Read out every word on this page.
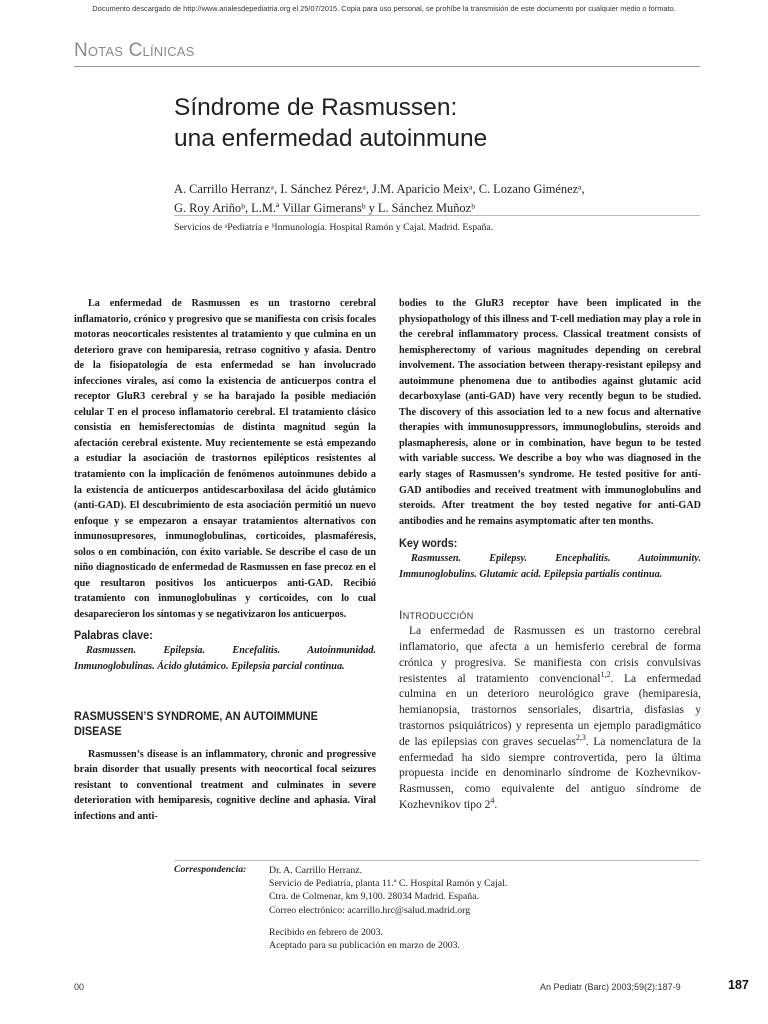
Documento descargado de http://www.analesdepediatria.org el 25/07/2015. Copia para uso personal, se prohíbe la transmisión de este documento por cualquier medio o formato.
Notas Clínicas
Síndrome de Rasmussen:
una enfermedad autoinmune
A. Carrillo Herranzᵃ, I. Sánchez Pérezᵃ, J.M. Aparicio Meixᵃ, C. Lozano Giménezᵃ,
G. Roy Ariñoᵇ, L.M.ª Villar Gimeransᵇ y L. Sánchez Muñozᵇ
Servicios de ᵃPediatría e ᵇInmunología. Hospital Ramón y Cajal. Madrid. España.

La enfermedad de Rasmussen es un trastorno cerebral inflamatorio, crónico y progresivo que se manifiesta con crisis focales motoras neocorticales resistentes al tratamiento y que culmina en un deterioro grave con hemiparesia, retraso cognitivo y afasia. Dentro de la fisiopatología de esta enfermedad se han involucrado infecciones virales, así como la existencia de anticuerpos contra el receptor GluR3 cerebral y se ha barajado la posible mediación celular T en el proceso inflamatorio cerebral. El tratamiento clásico consistía en hemisferectomías de distinta magnitud según la afectación cerebral existente. Muy recientemente se está empezando a estudiar la asociación de trastornos epilépticos resistentes al tratamiento con la implicación de fenómenos autoinmunes debido a la existencia de anticuerpos antidescarboxilasa del ácido glutámico (anti-GAD). El descubrimiento de esta asociación permitió un nuevo enfoque y se empezaron a ensayar tratamientos alternativos con inmunosupresores, inmunoglobulinas, corticoides, plasmaféresis, solos o en combinación, con éxito variable. Se describe el caso de un niño diagnosticado de enfermedad de Rasmussen en fase precoz en el que resultaron positivos los anticuerpos anti-GAD. Recibió tratamiento con inmunoglobulinas y corticoides, con lo cual desaparecieron los síntomas y se negativizaron los anticuerpos.

Palabras clave:
Rasmussen. Epilepsia. Encefalitis. Autoinmunidad. Inmunoglobulinas. Ácido glutámico. Epilepsia parcial continua.
RASMUSSEN’S SYNDROME, AN AUTOIMMUNE DISEASE

Rasmussen’s disease is an inflammatory, chronic and progressive brain disorder that usually presents with neocortical focal seizures resistant to conventional treatment and culminates in severe deterioration with hemiparesis, cognitive decline and aphasia. Viral infections and anti-

bodies to the GluR3 receptor have been implicated in the physiopathology of this illness and T-cell mediation may play a role in the cerebral inflammatory process. Classical treatment consists of hemispherectomy of various magnitudes depending on cerebral involvement. The association between therapy-resistant epilepsy and autoimmune phenomena due to antibodies against glutamic acid decarboxylase (anti-GAD) have very recently begun to be studied. The discovery of this association led to a new focus and alternative therapies with immunosuppressors, immunoglobulins, steroids and plasmapheresis, alone or in combination, have begun to be tested with variable success. We describe a boy who was diagnosed in the early stages of Rasmussen’s syndrome. He tested positive for anti-GAD antibodies and received treatment with immunoglobulins and steroids. After treatment the boy tested negative for anti-GAD antibodies and he remains asymptomatic after ten months.

Key words:
Rasmussen. Epilepsy. Encephalitis. Autoimmunity. Immunoglobulins. Glutamic acid. Epilepsia partialis continua.
Introducción

La enfermedad de Rasmussen es un trastorno cerebral inflamatorio, que afecta a un hemisferio cerebral de forma crónica y progresiva. Se manifiesta con crisis convulsivas resistentes al tratamiento convencional$^{1,2}$. La enfermedad culmina en un deterioro neurológico grave (hemiparesia, hemianopsia, trastornos sensoriales, disartria, disfasias y trastornos psiquiátricos) y representa un ejemplo paradigmático de las epilepsias con graves secuelas$^{2,3}$. La nomenclatura de la enfermedad ha sido siempre controvertida, pero la última propuesta incide en denominarlo síndrome de Kozhevnikov-Rasmussen, como equivalente del antiguo síndrome de Kozhevnikov tipo $2^4$.

Correspondencia: Dr. A. Carrillo Herranz.
Servicio de Pediatría, planta 11.ª C. Hospital Ramón y Cajal.
Ctra. de Colmenar, km 9,100. 28034 Madrid. España.
Correo electrónico: acarrillo.hrc@salud.madrid.org
Recibido en febrero de 2003.
Aceptado para su publicación en marzo de 2003.
00	An Pediatr (Barc) 2003;59(2):187-9	187
